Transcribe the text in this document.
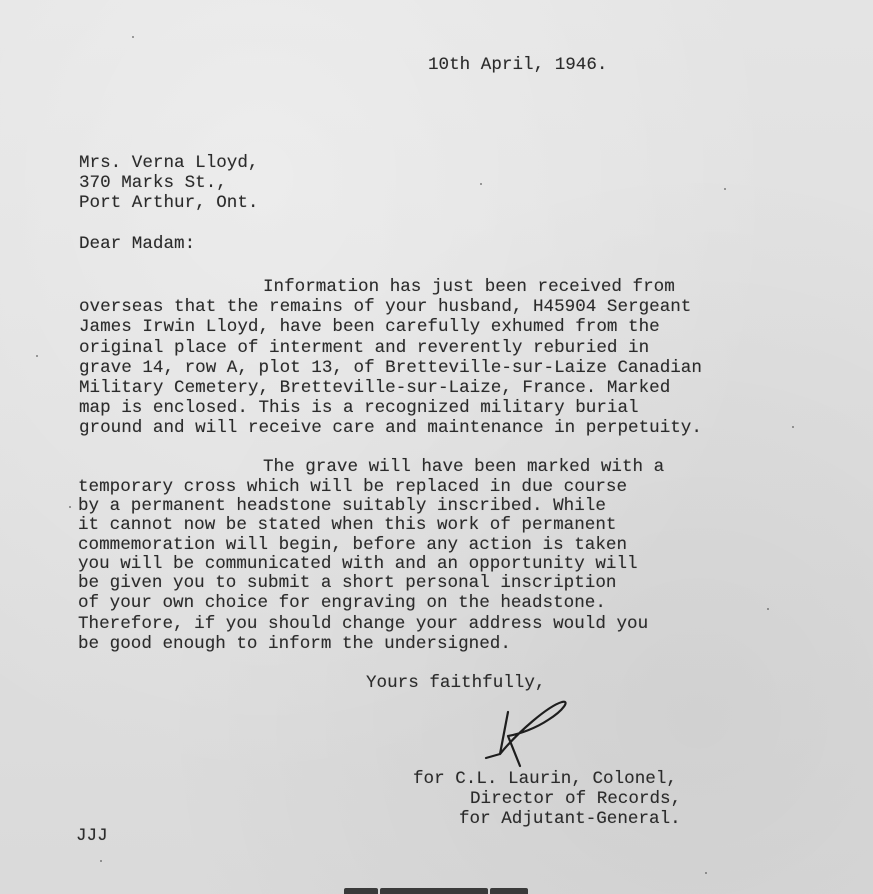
10th April, 1946.
Mrs. Verna Lloyd,
370 Marks St.,
Port Arthur, Ont.
Dear Madam:
Information has just been received from
overseas that the remains of your husband, H45904 Sergeant
James Irwin Lloyd, have been carefully exhumed from the
original place of interment and reverently reburied in
grave 14, row A, plot 13, of Bretteville-sur-Laize Canadian
Military Cemetery, Bretteville-sur-Laize, France. Marked
map is enclosed. This is a recognized military burial
ground and will receive care and maintenance in perpetuity.
The grave will have been marked with a
temporary cross which will be replaced in due course
by a permanent headstone suitably inscribed. While
it cannot now be stated when this work of permanent
commemoration will begin, before any action is taken
you will be communicated with and an opportunity will
be given you to submit a short personal inscription
of your own choice for engraving on the headstone.
Therefore, if you should change your address would you
be good enough to inform the undersigned.
Yours faithfully,
for C.L. Laurin, Colonel,
Director of Records,
for Adjutant-General.
JJJ
